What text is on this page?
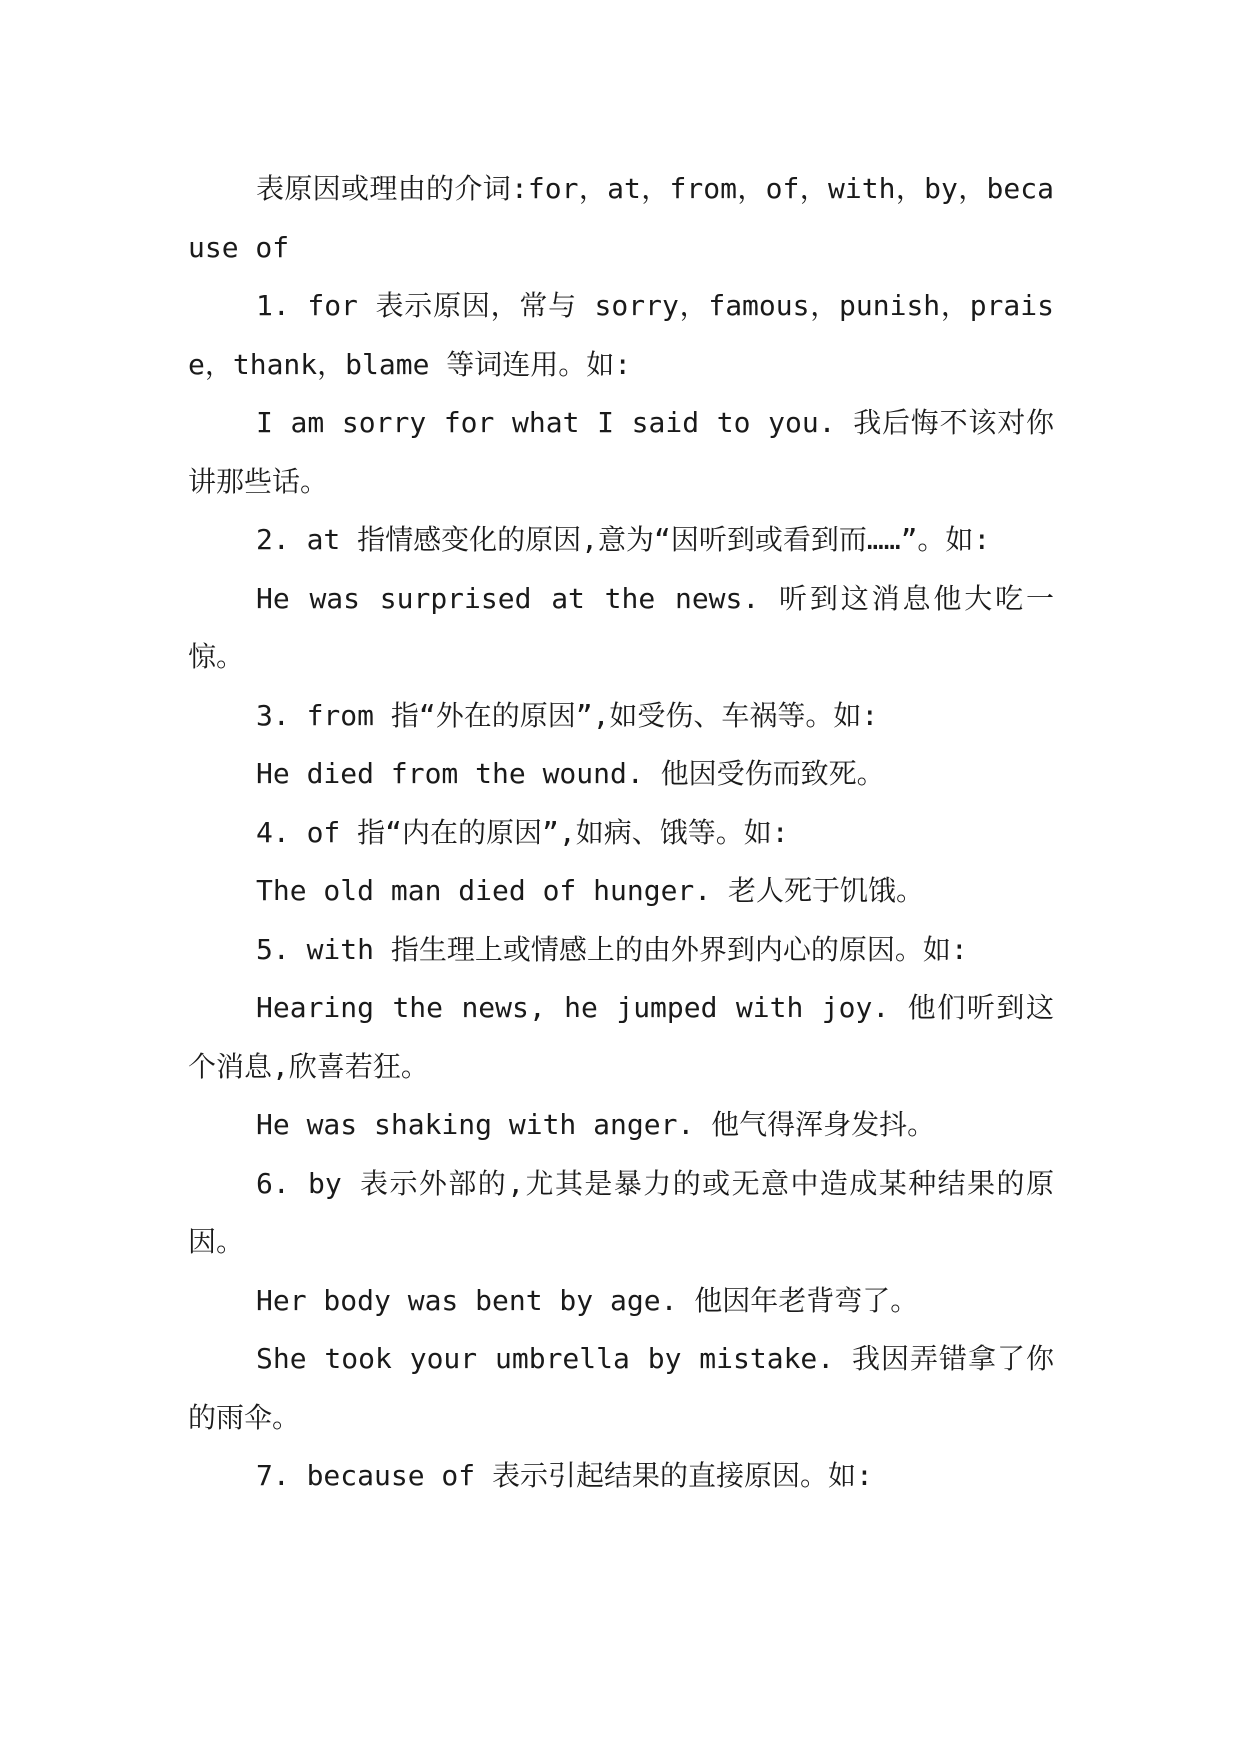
表原因或理由的介词:for，at，from，of，with，by，because of

1. for 表示原因，常与 sorry，famous，punish，praise，thank，blame 等词连用。如:

I am sorry for what I said to you. 我后悔不该对你讲那些话。

2. at 指情感变化的原因,意为“因听到或看到而……”。如:

He was surprised at the news. 听到这消息他大吃一惊。

3. from 指“外在的原因”,如受伤、车祸等。如:

He died from the wound. 他因受伤而致死。

4. of 指“内在的原因”,如病、饿等。如:

The old man died of hunger. 老人死于饥饿。

5. with 指生理上或情感上的由外界到内心的原因。如:

Hearing the news, he jumped with joy. 他们听到这个消息,欣喜若狂。

He was shaking with anger. 他气得浑身发抖。

6. by 表示外部的,尤其是暴力的或无意中造成某种结果的原因。

Her body was bent by age. 他因年老背弯了。

She took your umbrella by mistake. 我因弄错拿了你的雨伞。

7. because of 表示引起结果的直接原因。如:
